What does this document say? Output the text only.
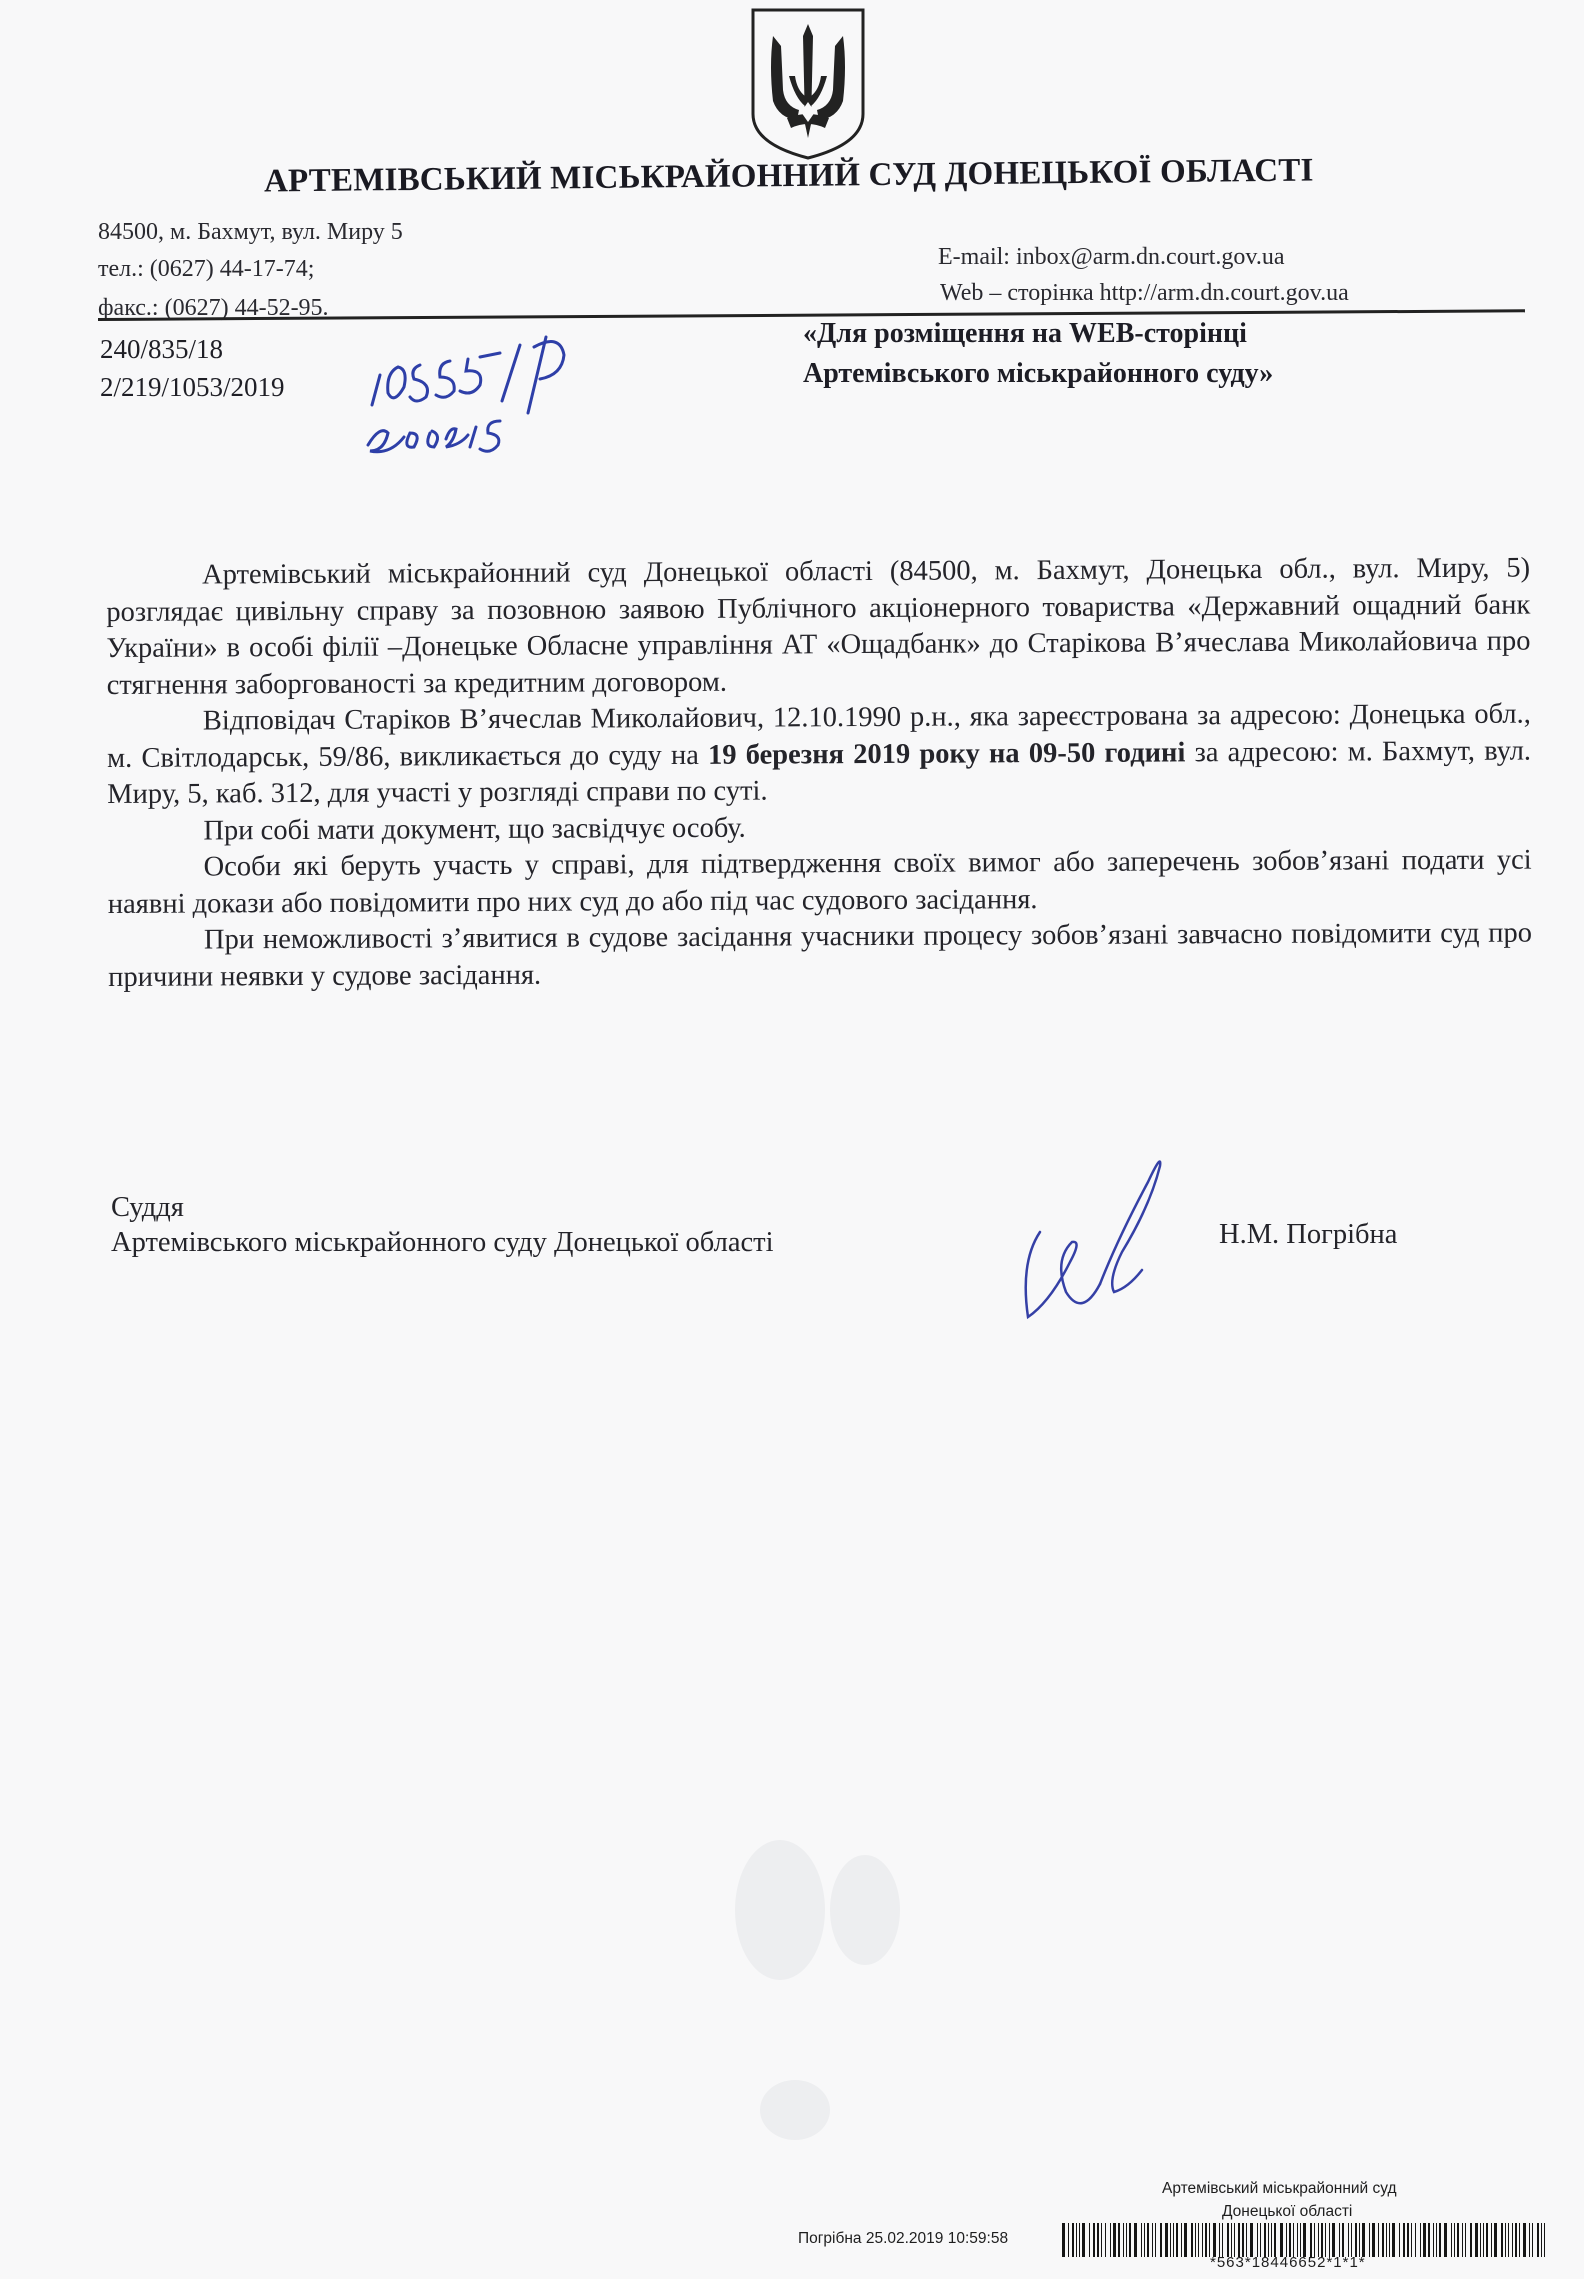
АРТЕМІВСЬКИЙ МІСЬКРАЙОННИЙ СУД ДОНЕЦЬКОЇ ОБЛАСТІ
84500, м. Бахмут, вул. Миру 5
тел.: (0627) 44-17-74;
факс.: (0627) 44-52-95.
E-mail: inbox@arm.dn.court.gov.ua
Web – сторінка http://arm.dn.court.gov.ua
240/835/18
2/219/1053/2019
«Для розміщення на WEB-сторінці
Артемівського міськрайонного суду»

Артемівський міськрайонний суд Донецької області (84500, м. Бахмут, Донецька обл., вул. Миру, 5) розглядає цивільну справу за позовною заявою Публічного акціонерного товариства «Державний ощадний банк України» в особі філії –Донецьке Обласне управління АТ «Ощадбанк» до Старікова В’ячеслава Миколайовича про стягнення заборгованості за кредитним договором.

Відповідач Старіков В’ячеслав Миколайович, 12.10.1990 р.н., яка зареєстрована за адресою: Донецька обл., м. Світлодарськ, 59/86, викликається до суду на 19 березня 2019 року на 09-50 годині за адресою: м. Бахмут, вул. Миру, 5, каб. 312, для участі у розгляді справи по суті.

При собі мати документ, що засвідчує особу.

Особи які беруть участь у справі, для підтвердження своїх вимог або заперечень зобов’язані подати усі наявні докази або повідомити про них суд до або під час судового засідання.

При неможливості з’явитися в судове засідання учасники процесу зобов’язані завчасно повідомити суд про причини неявки у судове засідання.

Суддя
Артемівського міськрайонного суду Донецької області	Н.М. Погрібна
Артемівський міськрайонний суд
Донецької області
Погрібна 25.02.2019 10:59:58
*563*18446652*1*1*
